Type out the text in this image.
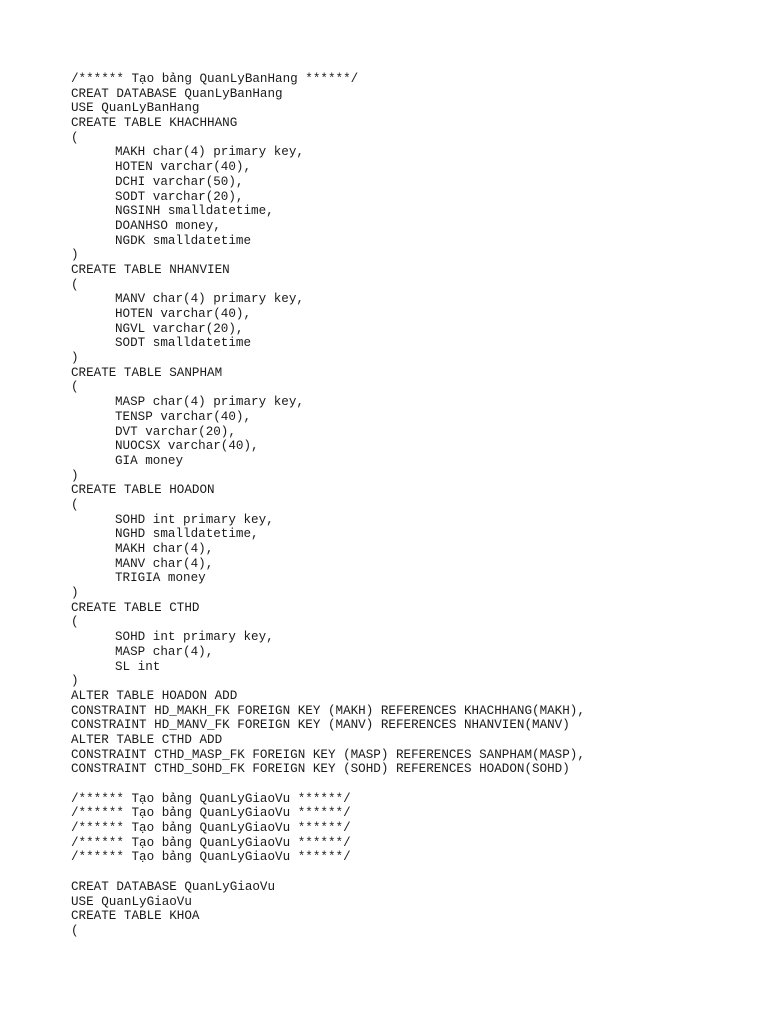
/****** Tạo bảng QuanLyBanHang ******/
CREAT DATABASE QuanLyBanHang
USE QuanLyBanHang
CREATE TABLE KHACHHANG
(
MAKH char(4) primary key,
HOTEN varchar(40),
DCHI varchar(50),
SODT varchar(20),
NGSINH smalldatetime,
DOANHSO money,
NGDK smalldatetime
)
CREATE TABLE NHANVIEN
(
MANV char(4) primary key,
HOTEN varchar(40),
NGVL varchar(20),
SODT smalldatetime
)
CREATE TABLE SANPHAM
(
MASP char(4) primary key,
TENSP varchar(40),
DVT varchar(20),
NUOCSX varchar(40),
GIA money
)
CREATE TABLE HOADON
(
SOHD int primary key,
NGHD smalldatetime,
MAKH char(4),
MANV char(4),
TRIGIA money
)
CREATE TABLE CTHD
(
SOHD int primary key,
MASP char(4),
SL int
)
ALTER TABLE HOADON ADD
CONSTRAINT HD_MAKH_FK FOREIGN KEY (MAKH) REFERENCES KHACHHANG(MAKH),
CONSTRAINT HD_MANV_FK FOREIGN KEY (MANV) REFERENCES NHANVIEN(MANV)
ALTER TABLE CTHD ADD
CONSTRAINT CTHD_MASP_FK FOREIGN KEY (MASP) REFERENCES SANPHAM(MASP),
CONSTRAINT CTHD_SOHD_FK FOREIGN KEY (SOHD) REFERENCES HOADON(SOHD)
/****** Tạo bảng QuanLyGiaoVu ******/
/****** Tạo bảng QuanLyGiaoVu ******/
/****** Tạo bảng QuanLyGiaoVu ******/
/****** Tạo bảng QuanLyGiaoVu ******/
/****** Tạo bảng QuanLyGiaoVu ******/
CREAT DATABASE QuanLyGiaoVu
USE QuanLyGiaoVu
CREATE TABLE KHOA
(
